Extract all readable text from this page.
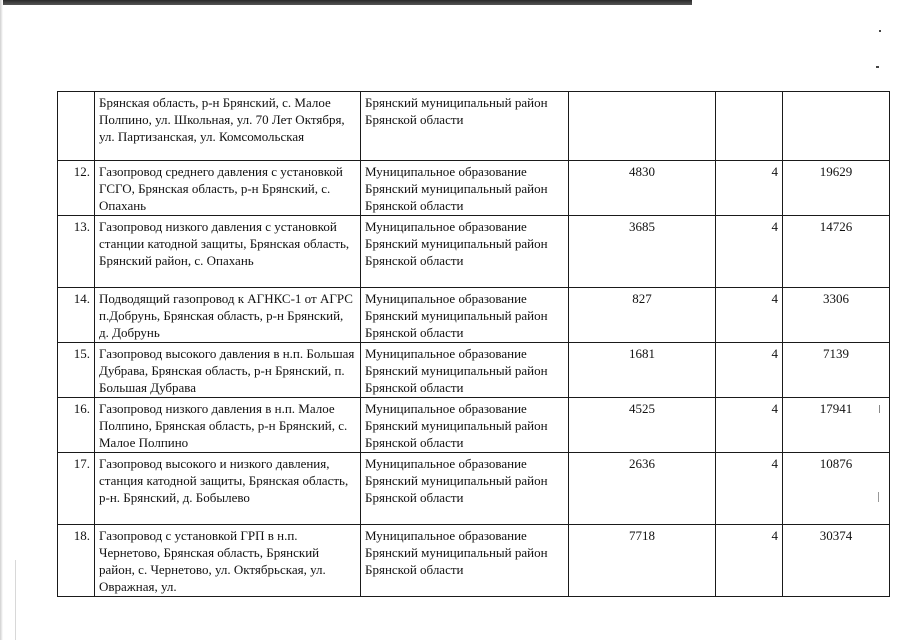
	Брянская область, р-н Брянский, с. Малое Полпино, ул. Школьная, ул. 70 Лет Октября, ул. Партизанская, ул. Комсомольская	Брянский муниципальный район Брянской области			
12.	Газопровод среднего давления с установкой ГСГО, Брянская область, р-н Брянский, с. Опахань	Муниципальное образование Брянский муниципальный район Брянской области	4830	4	19629
13.	Газопровод низкого давления с установкой станции катодной защиты, Брянская область, Брянский район, с. Опахань	Муниципальное образование Брянский муниципальный район Брянской области	3685	4	14726
14.	Подводящий газопровод к АГНКС-1 от АГРС п.Добрунь, Брянская область, р-н Брянский, д. Добрунь	Муниципальное образование Брянский муниципальный район Брянской области	827	4	3306
15.	Газопровод высокого давления в н.п. Большая Дубрава, Брянская область, р-н Брянский, п. Большая Дубрава	Муниципальное образование Брянский муниципальный район Брянской области	1681	4	7139
16.	Газопровод низкого давления в н.п. Малое Полпино, Брянская область, р-н Брянский, с. Малое Полпино	Муниципальное образование Брянский муниципальный район Брянской области	4525	4	17941
17.	Газопровод высокого и низкого давления, станция катодной защиты, Брянская область, р-н. Брянский, д. Бобылево	Муниципальное образование Брянский муниципальный район Брянской области	2636	4	10876
18.	Газопровод с установкой ГРП в н.п. Чернетово, Брянская область, Брянский район, с. Чернетово, ул. Октябрьская, ул. Овражная, ул.	Муниципальное образование Брянский муниципальный район Брянской области	7718	4	30374
